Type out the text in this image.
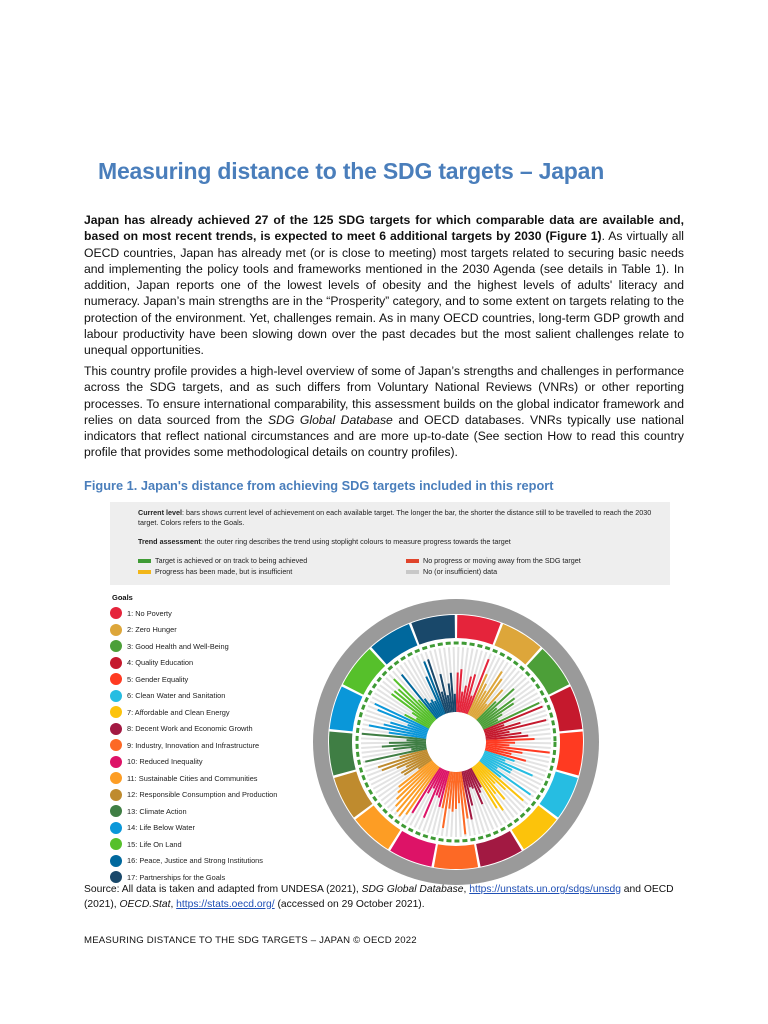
Measuring distance to the SDG targets – Japan

Japan has already achieved 27 of the 125 SDG targets for which comparable data are available and, based on most recent trends, is expected to meet 6 additional targets by 2030 (Figure 1). As virtually all OECD countries, Japan has already met (or is close to meeting) most targets related to securing basic needs and implementing the policy tools and frameworks mentioned in the 2030 Agenda (see details in Table 1). In addition, Japan reports one of the lowest levels of obesity and the highest levels of adults' literacy and numeracy. Japan’s main strengths are in the “Prosperity” category, and to some extent on targets relating to the protection of the environment. Yet, challenges remain. As in many OECD countries, long-term GDP growth and labour productivity have been slowing down over the past decades but the most salient challenges relate to unequal opportunities.

This country profile provides a high-level overview of some of Japan’s strengths and challenges in performance across the SDG targets, and as such differs from Voluntary National Reviews (VNRs) or other reporting processes. To ensure international comparability, this assessment builds on the global indicator framework and relies on data sourced from the SDG Global Database and OECD databases. VNRs typically use national indicators that reflect national circumstances and are more up-to-date (See section How to read this country profile that provides some methodological details on country profiles).

Figure 1. Japan's distance from achieving SDG targets included in this report

Current level: bars shows current level of achievement on each available target. The longer the bar, the shorter the distance still to be travelled to reach the 2030 target. Colors refers to the Goals.
Trend assessment: the outer ring describes the trend using stoplight colours to measure progress towards the target
Target is achieved or on track to being achieved
Progress has been made, but is insufficient
No progress or moving away from the SDG target
No (or insufficient) data
Goals
1: No Poverty
2: Zero Hunger
3: Good Health and Well-Being
4: Quality Education
5: Gender Equality
6: Clean Water and Sanitation
7: Affordable and Clean Energy
8: Decent Work and Economic Growth
9: Industry, Innovation and Infrastructure
10: Reduced Inequality
11: Sustainable Cities and Communities
12: Responsible Consumption and Production
13: Climate Action
14: Life Below Water
15: Life On Land
16: Peace, Justice and Strong Institutions
17: Partnerships for the Goals

Source: All data is taken and adapted from UNDESA (2021), SDG Global Database, https://unstats.un.org/sdgs/unsdg and OECD (2021), OECD.Stat, https://stats.oecd.org/ (accessed on 29 October 2021).

MEASURING DISTANCE TO THE SDG TARGETS – JAPAN © OECD 2022
